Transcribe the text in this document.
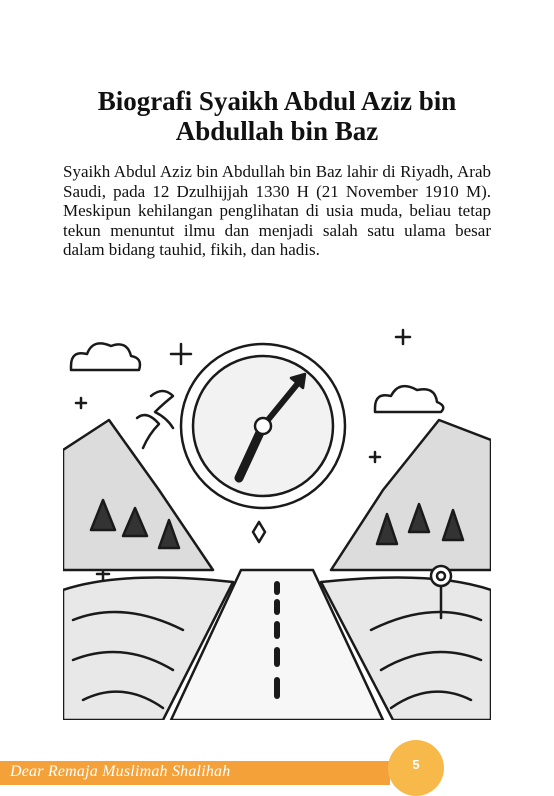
Biografi Syaikh Abdul Aziz bin
Abdullah bin Baz

Syaikh Abdul Aziz bin Abdullah bin Baz lahir di Riyadh, Arab Saudi, pada 12 Dzulhijjah 1330 H (21 November 1910 M). Meskipun kehilangan penglihatan di usia muda, beliau tetap tekun menuntut ilmu dan menjadi salah satu ulama besar dalam bidang tauhid, fikih, dan hadis.

Dear Remaja Muslimah Shalihah	5
